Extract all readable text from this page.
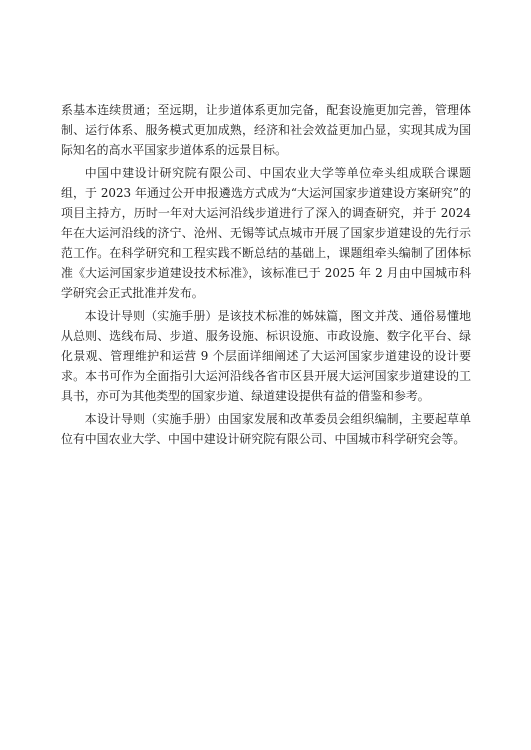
系基本连续贯通；至远期，让步道体系更加完备，配套设施更加完善，管理体制、运行体系、服务模式更加成熟，经济和社会效益更加凸显，实现其成为国际知名的高水平国家步道体系的远景目标。

中国中建设计研究院有限公司、中国农业大学等单位牵头组成联合课题组，于 2023 年通过公开申报遴选方式成为“大运河国家步道建设方案研究”的项目主持方，历时一年对大运河沿线步道进行了深入的调查研究，并于 2024 年在大运河沿线的济宁、沧州、无锡等试点城市开展了国家步道建设的先行示范工作。在科学研究和工程实践不断总结的基础上，课题组牵头编制了团体标准《大运河国家步道建设技术标准》，该标准已于 2025 年 2 月由中国城市科学研究会正式批准并发布。

本设计导则（实施手册）是该技术标准的姊妹篇，图文并茂、通俗易懂地从总则、选线布局、步道、服务设施、标识设施、市政设施、数字化平台、绿化景观、管理维护和运营 9 个层面详细阐述了大运河国家步道建设的设计要求。本书可作为全面指引大运河沿线各省市区县开展大运河国家步道建设的工具书，亦可为其他类型的国家步道、绿道建设提供有益的借鉴和参考。

本设计导则（实施手册）由国家发展和改革委员会组织编制，主要起草单位有中国农业大学、中国中建设计研究院有限公司、中国城市科学研究会等。
